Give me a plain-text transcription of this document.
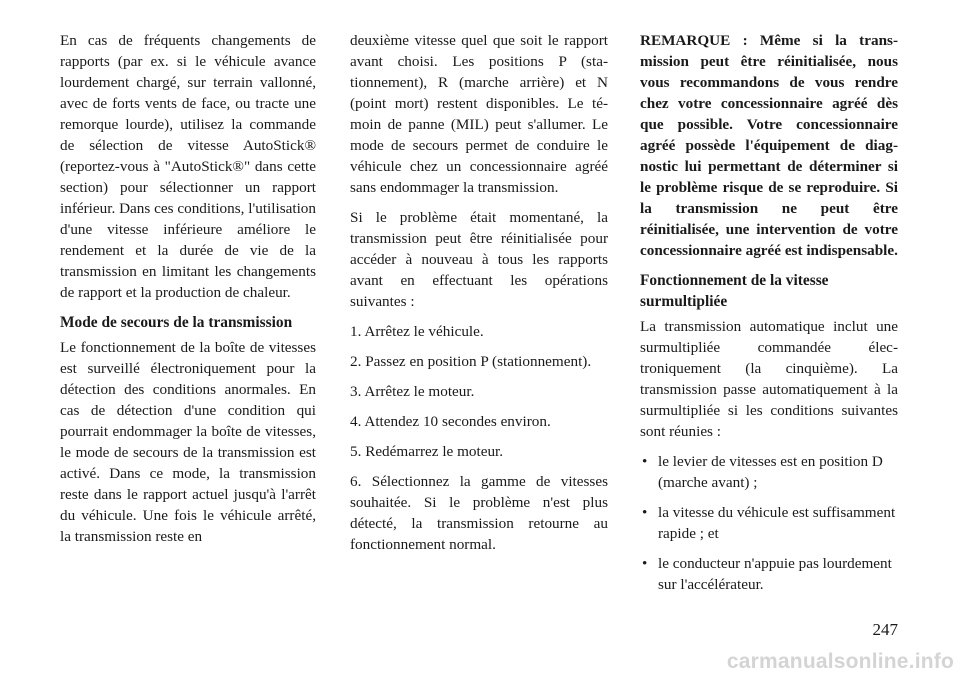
En cas de fréquents changements de rapports (par ex. si le véhicule avance lourdement chargé, sur terrain vallonné, avec de forts vents de face, ou tracte une remorque lourde), utilisez la commande de sélection de vitesse AutoStick® (reportez-vous à "AutoStick®" dans cette section) pour sélectionner un rapport inférieur. Dans ces conditions, l'utilisation d'une vitesse inférieure améliore le rendement et la durée de vie de la transmission en limitant les changements de rapport et la production de chaleur.

Mode de secours de la transmission

Le fonctionnement de la boîte de vitesses est surveillé électroniquement pour la détection des conditions anormales. En cas de détection d'une condition qui pourrait endommager la boîte de vitesses, le mode de secours de la transmission est activé. Dans ce mode, la transmission reste dans le rapport actuel jusqu'à l'arrêt du véhicule. Une fois le véhicule arrêté, la transmission reste en

deuxième vitesse quel que soit le rapport avant choisi. Les positions P (stationnement), R (marche arrière) et N (point mort) restent disponibles. Le témoin de panne (MIL) peut s'allumer. Le mode de secours permet de conduire le véhicule chez un concessionnaire agréé sans endommager la transmission.

Si le problème était momentané, la transmission peut être réinitialisée pour accéder à nouveau à tous les rapports avant en effectuant les opérations suivantes :

1. Arrêtez le véhicule.
2. Passez en position P (stationnement).
3. Arrêtez le moteur.
4. Attendez 10 secondes environ.
5. Redémarrez le moteur.
6. Sélectionnez la gamme de vitesses souhaitée. Si le problème n'est plus détecté, la transmission retourne au fonctionnement normal.

REMARQUE : Même si la transmission peut être réinitialisée, nous vous recommandons de vous rendre chez votre concessionnaire agréé dès que possible. Votre concessionnaire agréé possède l'équipement de diagnostic lui permettant de déterminer si le problème risque de se reproduire. Si la transmission ne peut être réinitialisée, une intervention de votre concessionnaire agréé est indispensable.

Fonctionnement de la vitesse surmultipliée

La transmission automatique inclut une surmultipliée commandée électroniquement (la cinquième). La transmission passe automatiquement à la surmultipliée si les conditions suivantes sont réunies :

• le levier de vitesses est en position D (marche avant) ;
• la vitesse du véhicule est suffisamment rapide ; et
• le conducteur n'appuie pas lourdement sur l'accélérateur.
247
carmanualsonline.info
